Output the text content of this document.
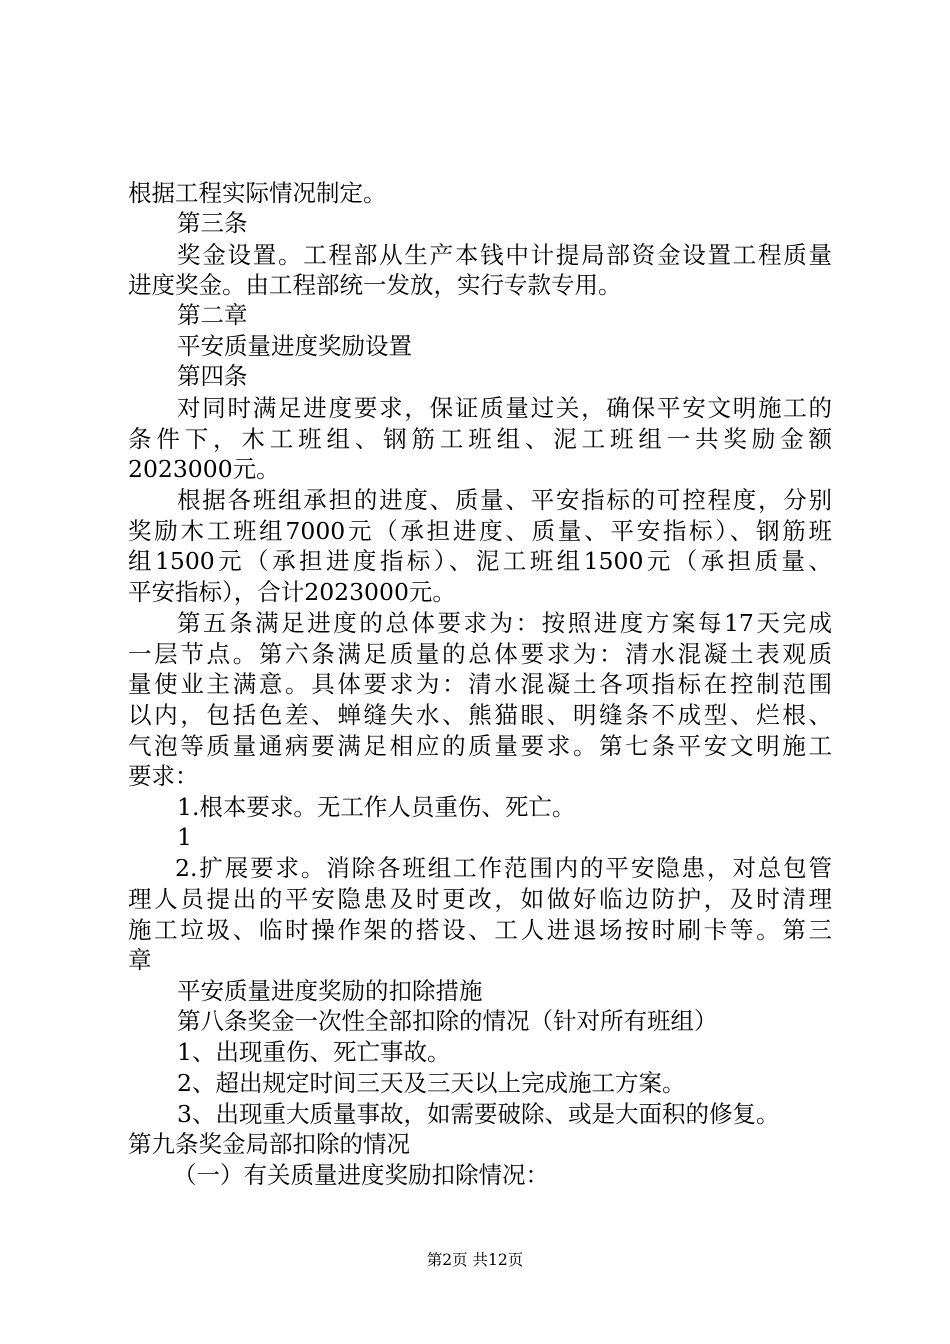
根据工程实际情况制定。
第三条
奖金设置。工程部从生产本钱中计提局部资金设置工程质量
进度奖金。由工程部统一发放，实行专款专用。
第二章
平安质量进度奖励设置
第四条
对同时满足进度要求，保证质量过关，确保平安文明施工的
条件下，木工班组、钢筋工班组、泥工班组一共奖励金额
2023000元。
根据各班组承担的进度、质量、平安指标的可控程度，分别
奖励木工班组7000元（承担进度、质量、平安指标）、钢筋班
组1500元（承担进度指标）、泥工班组1500元（承担质量、
平安指标），合计2023000元。
第五条满足进度的总体要求为：按照进度方案每17天完成
一层节点。第六条满足质量的总体要求为：清水混凝土表观质
量使业主满意。具体要求为：清水混凝土各项指标在控制范围
以内，包括色差、蝉缝失水、熊猫眼、明缝条不成型、烂根、
气泡等质量通病要满足相应的质量要求。第七条平安文明施工
要求：
1.根本要求。无工作人员重伤、死亡。
1
2.扩展要求。消除各班组工作范围内的平安隐患，对总包管
理人员提出的平安隐患及时更改，如做好临边防护，及时清理
施工垃圾、临时操作架的搭设、工人进退场按时刷卡等。第三
章
平安质量进度奖励的扣除措施
第八条奖金一次性全部扣除的情况（针对所有班组）
1、出现重伤、死亡事故。
2、超出规定时间三天及三天以上完成施工方案。
3、出现重大质量事故，如需要破除、或是大面积的修复。
第九条奖金局部扣除的情况
（一）有关质量进度奖励扣除情况：
第2页 共12页
